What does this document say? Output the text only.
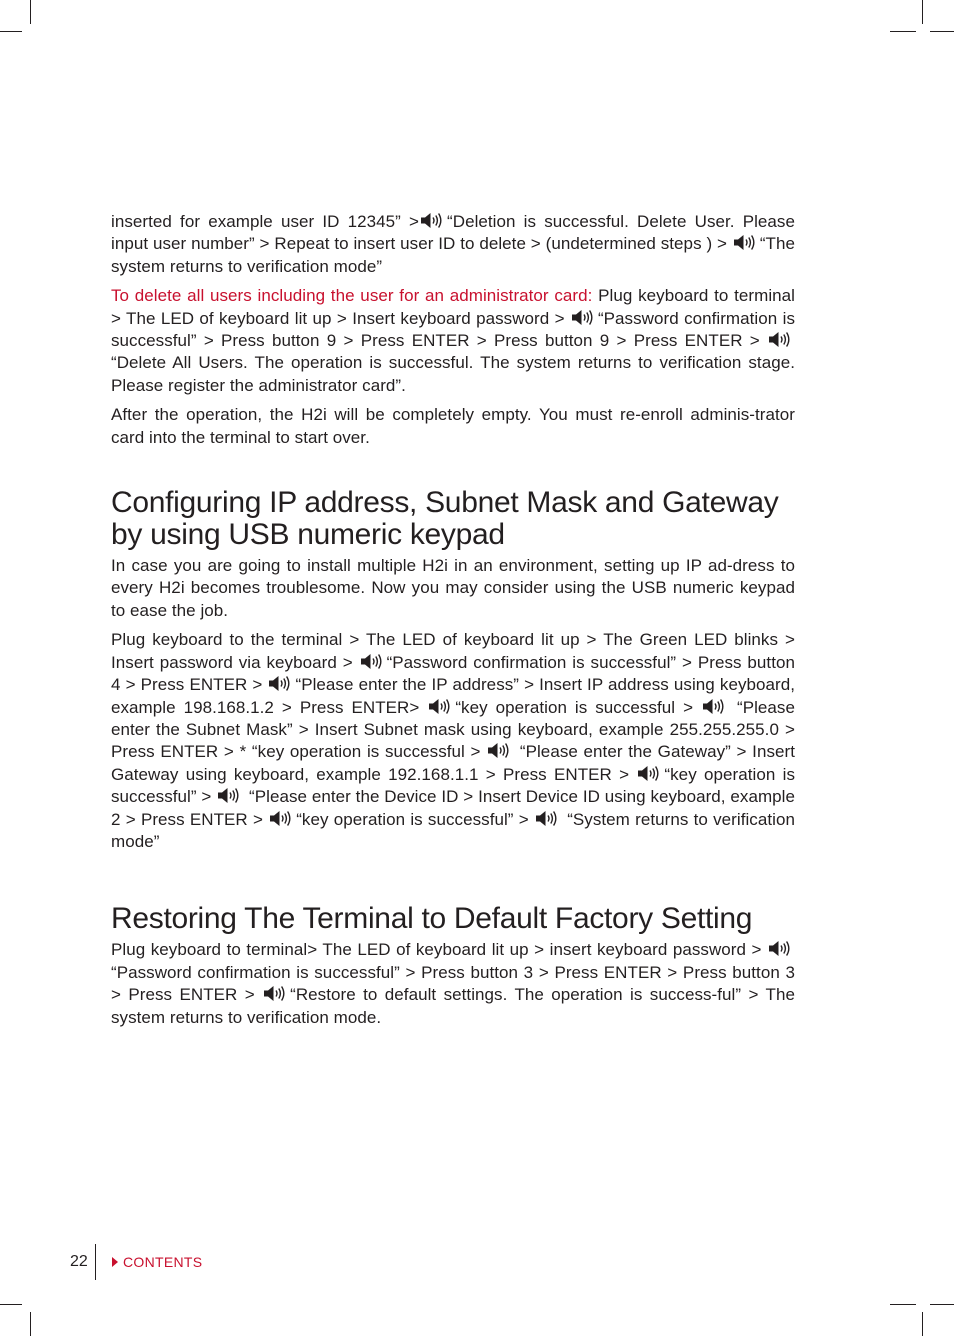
inserted for example user ID 12345” > “Deletion is successful. Delete User. Please input user number” > Repeat to insert user ID to delete > (undetermined steps ) > “The system returns to verification mode”

To delete all users including the user for an administrator card: Plug keyboard to terminal > The LED of keyboard lit up > Insert keyboard password > “Password confirmation is successful” > Press button 9 > Press ENTER > Press button 9 > Press ENTER >
“Delete All Users. The operation is successful. The system returns to verification stage. Please register the administrator card”.

After the operation, the H2i will be completely empty. You must re-enroll adminis-trator card into the terminal to start over.

Configuring IP address, Subnet Mask and Gateway by using USB numeric keypad

In case you are going to install multiple H2i in an environment, setting up IP ad-dress to every H2i becomes troublesome. Now you may consider using the USB numeric keypad to ease the job.

Plug keyboard to the terminal > The LED of keyboard lit up > The Green LED blinks > Insert password via keyboard > “Password confirmation is successful” > Press button 4 > Press ENTER > “Please enter the IP address” > Insert IP address using keyboard, example 198.168.1.2 > Press ENTER> “key operation is successful >
“Please enter the Subnet Mask” > Insert Subnet mask using keyboard, example 255.255.255.0 > Press ENTER > * “key operation is successful >
“Please enter the Gateway” > Insert Gateway using keyboard, example 192.168.1.1 > Press ENTER > “key operation is successful” >
“Please enter the Device ID > Insert Device ID using keyboard, example 2 > Press ENTER > “key operation is successful” > “System returns to verification mode”

Restoring The Terminal to Default Factory Setting

Plug keyboard to terminal> The LED of keyboard lit up > insert keyboard password >
“Password confirmation is successful” > Press button 3 > Press ENTER > Press button 3 > Press ENTER > “Restore to default settings. The operation is success-ful” > The system returns to verification mode.

22	CONTENTS
